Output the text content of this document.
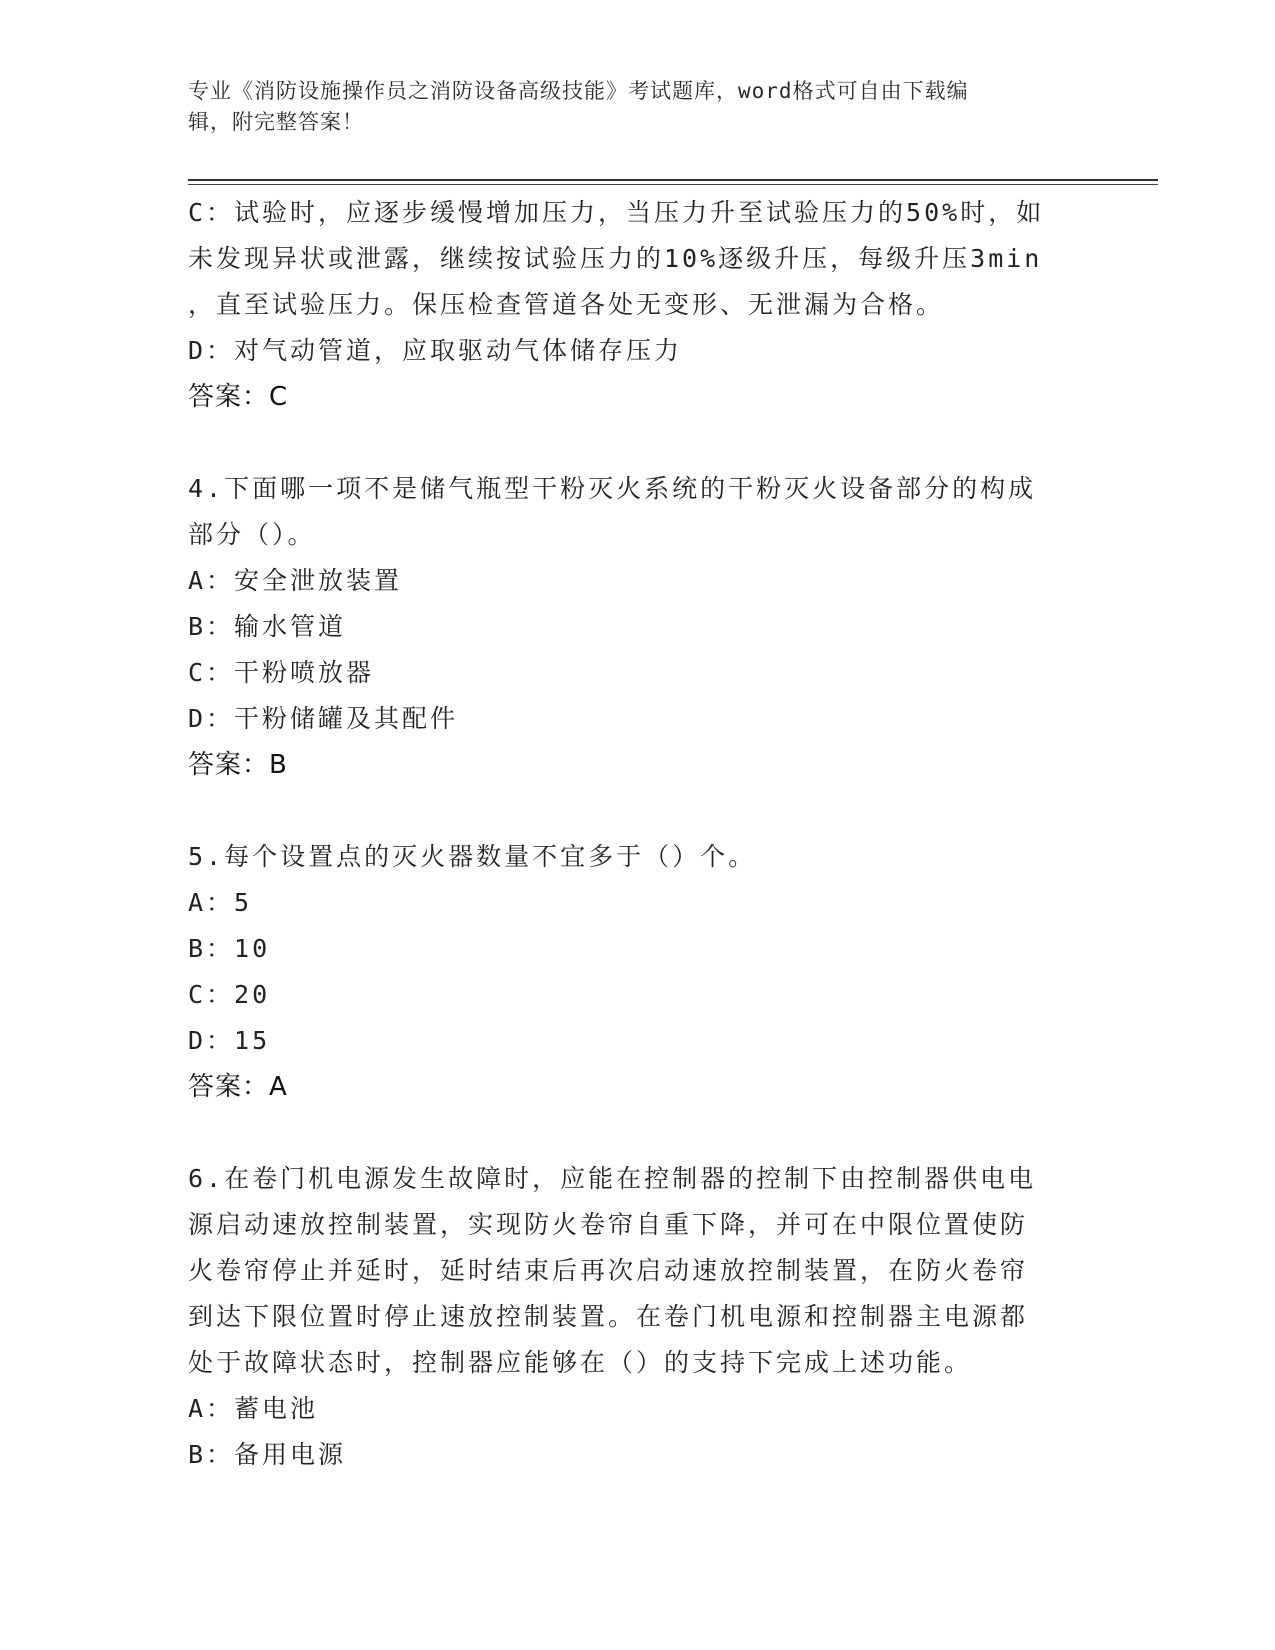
专业《消防设施操作员之消防设备高级技能》考试题库，word格式可自由下载编
辑，附完整答案！
C：试验时，应逐步缓慢增加压力，当压力升至试验压力的50%时，如
未发现异状或泄露，继续按试验压力的10%逐级升压，每级升压3min
，直至试验压力。保压检查管道各处无变形、无泄漏为合格。
D：对气动管道，应取驱动气体储存压力
答案：C
4.下面哪一项不是储气瓶型干粉灭火系统的干粉灭火设备部分的构成
部分（）。
A：安全泄放装置
B：输水管道
C：干粉喷放器
D：干粉储罐及其配件
答案：B
5.每个设置点的灭火器数量不宜多于（）个。
A：5
B：10
C：20
D：15
答案：A
6.在卷门机电源发生故障时，应能在控制器的控制下由控制器供电电
源启动速放控制装置，实现防火卷帘自重下降，并可在中限位置使防
火卷帘停止并延时，延时结束后再次启动速放控制装置，在防火卷帘
到达下限位置时停止速放控制装置。在卷门机电源和控制器主电源都
处于故障状态时，控制器应能够在（）的支持下完成上述功能。
A：蓄电池
B：备用电源
